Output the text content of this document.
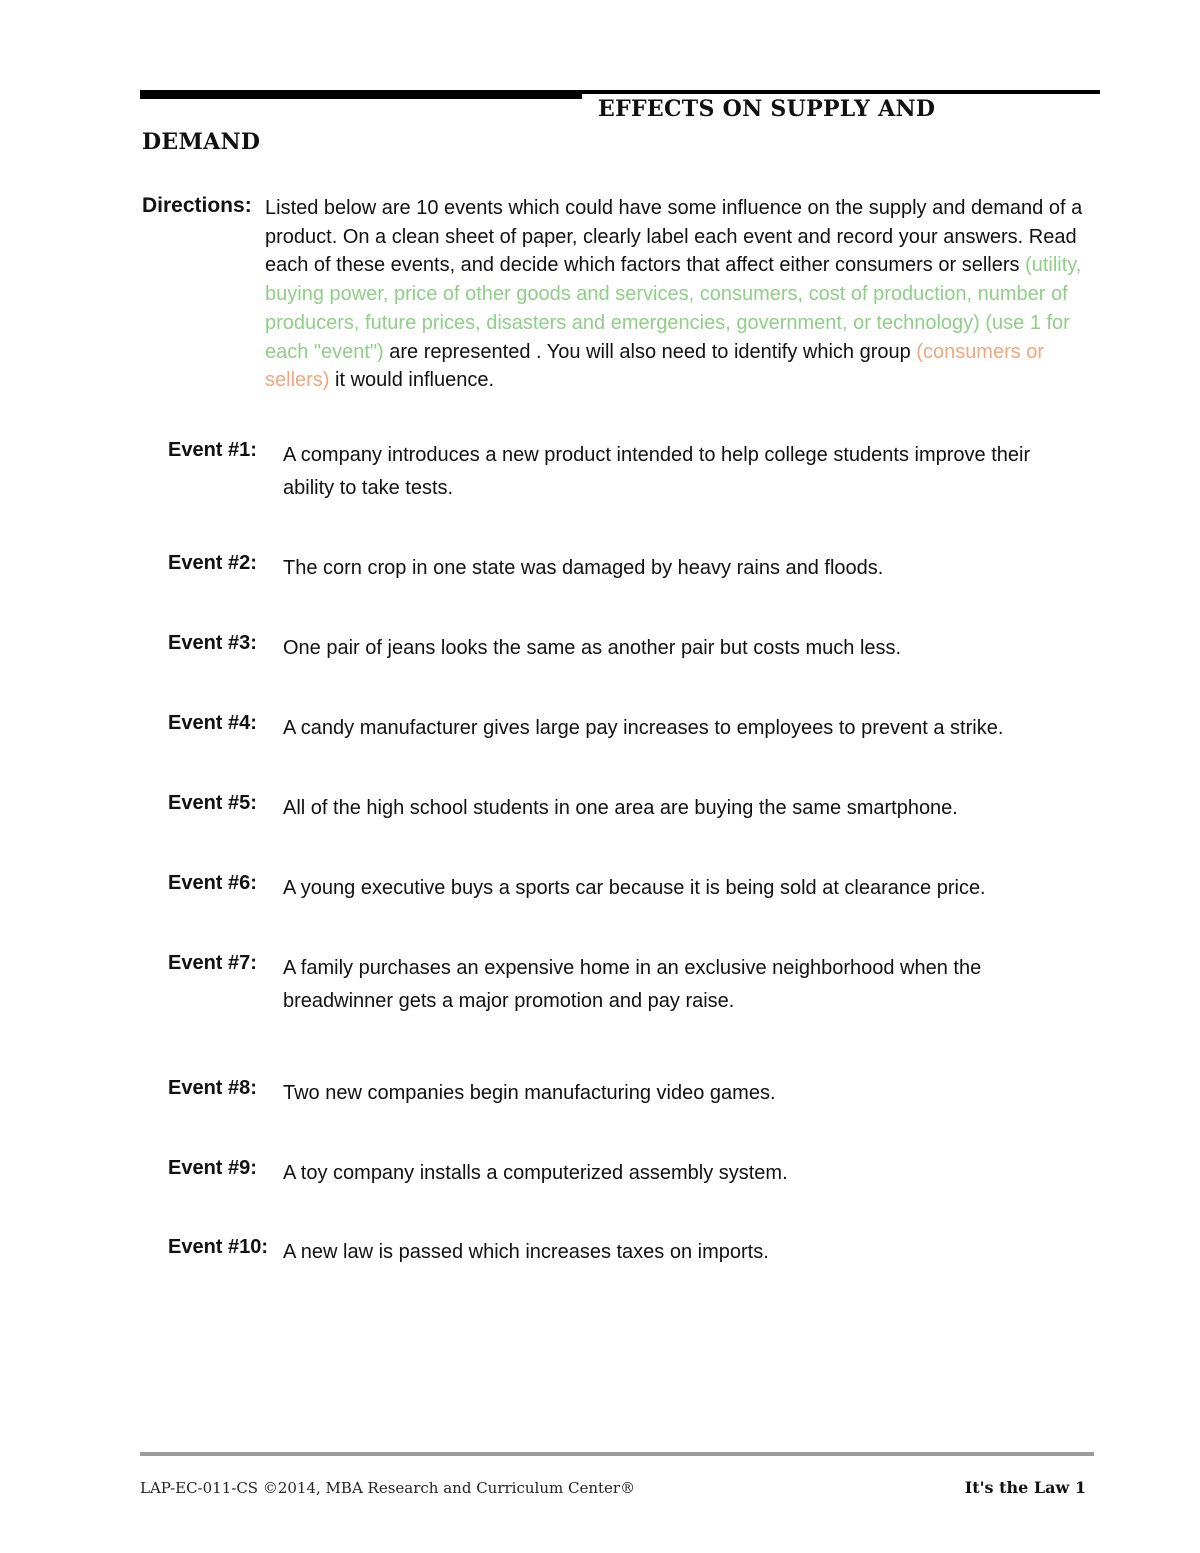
EFFECTS ON SUPPLY AND
DEMAND
Directions: Listed below are 10 events which could have some influence on the supply and demand of a product. On a clean sheet of paper, clearly label each event and record your answers. Read each of these events, and decide which factors that affect either consumers or sellers (utility, buying power, price of other goods and services, consumers, cost of production, number of producers, future prices, disasters and emergencies, government, or technology) (use 1 for each "event") are represented . You will also need to identify which group (consumers or sellers) it would influence.
Event #1: A company introduces a new product intended to help college students improve their ability to take tests.
Event #2: The corn crop in one state was damaged by heavy rains and floods.
Event #3: One pair of jeans looks the same as another pair but costs much less.
Event #4: A candy manufacturer gives large pay increases to employees to prevent a strike.
Event #5: All of the high school students in one area are buying the same smartphone.
Event #6: A young executive buys a sports car because it is being sold at clearance price.
Event #7: A family purchases an expensive home in an exclusive neighborhood when the breadwinner gets a major promotion and pay raise.
Event #8: Two new companies begin manufacturing video games.
Event #9: A toy company installs a computerized assembly system.
Event #10: A new law is passed which increases taxes on imports.
LAP-EC-011-CS ©2014, MBA Research and Curriculum Center®	It's the Law 1
